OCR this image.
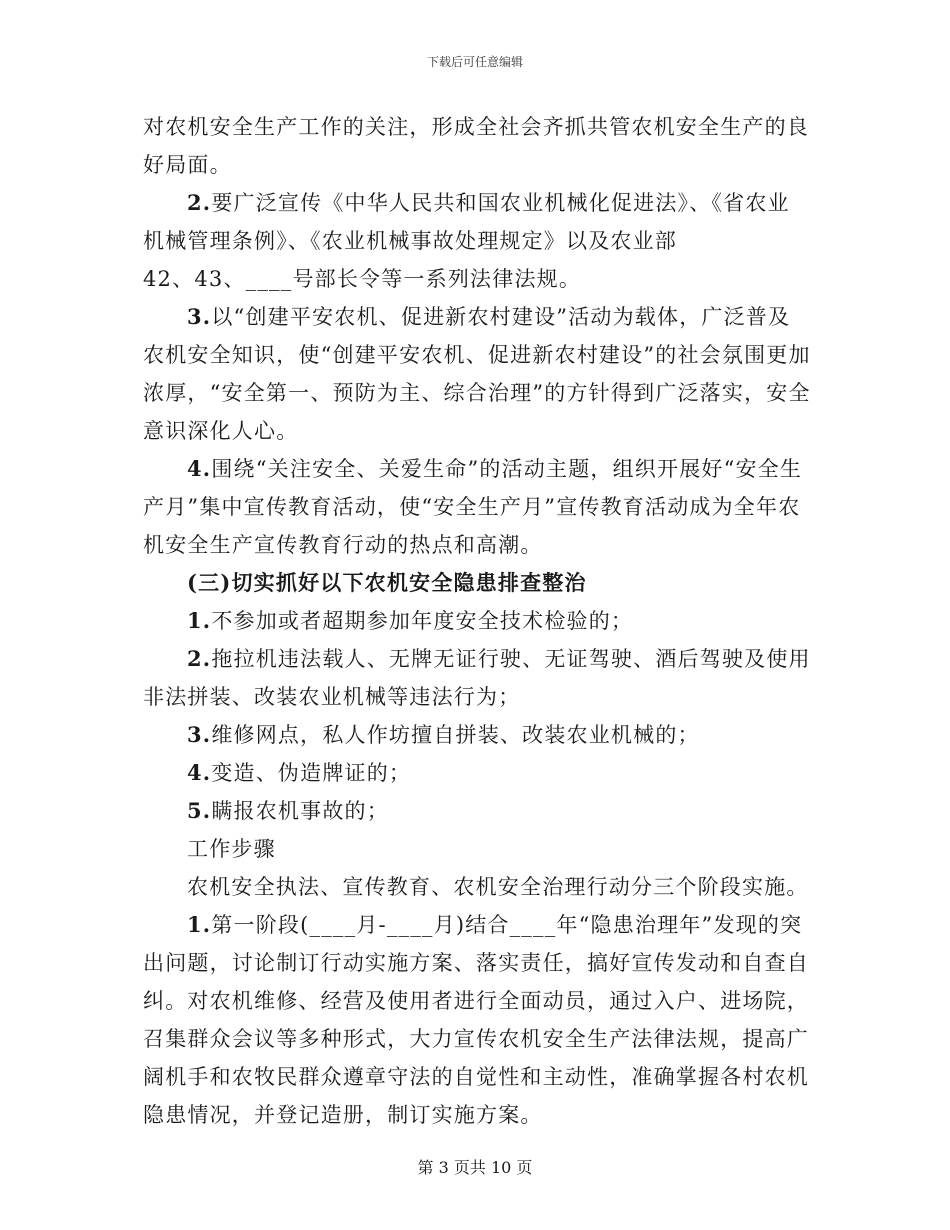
下载后可任意编辑

对农机安全生产工作的关注，形成全社会齐抓共管农机安全生产的良好局面。

2.要广泛宣传《中华人民共和国农业机械化促进法》、《省农业机械管理条例》、《农业机械事故处理规定》以及农业部

42、43、____号部长令等一系列法律法规。

3.以“创建平安农机、促进新农村建设”活动为载体，广泛普及农机安全知识，使“创建平安农机、促进新农村建设”的社会氛围更加浓厚，“安全第一、预防为主、综合治理”的方针得到广泛落实，安全意识深化人心。

4.围绕“关注安全、关爱生命”的活动主题，组织开展好“安全生产月”集中宣传教育活动，使“安全生产月”宣传教育活动成为全年农机安全生产宣传教育行动的热点和高潮。

(三)切实抓好以下农机安全隐患排查整治

1.不参加或者超期参加年度安全技术检验的；

2.拖拉机违法载人、无牌无证行驶、无证驾驶、酒后驾驶及使用非法拼装、改装农业机械等违法行为；

3.维修网点，私人作坊擅自拼装、改装农业机械的；

4.变造、伪造牌证的；

5.瞒报农机事故的；

工作步骤

农机安全执法、宣传教育、农机安全治理行动分三个阶段实施。

1.第一阶段(____月-____月)结合____年“隐患治理年”发现的突出问题，讨论制订行动实施方案、落实责任，搞好宣传发动和自查自纠。对农机维修、经营及使用者进行全面动员，通过入户、进场院，召集群众会议等多种形式，大力宣传农机安全生产法律法规，提高广阔机手和农牧民群众遵章守法的自觉性和主动性，准确掌握各村农机隐患情况，并登记造册，制订实施方案。

第 3 页共 10 页
